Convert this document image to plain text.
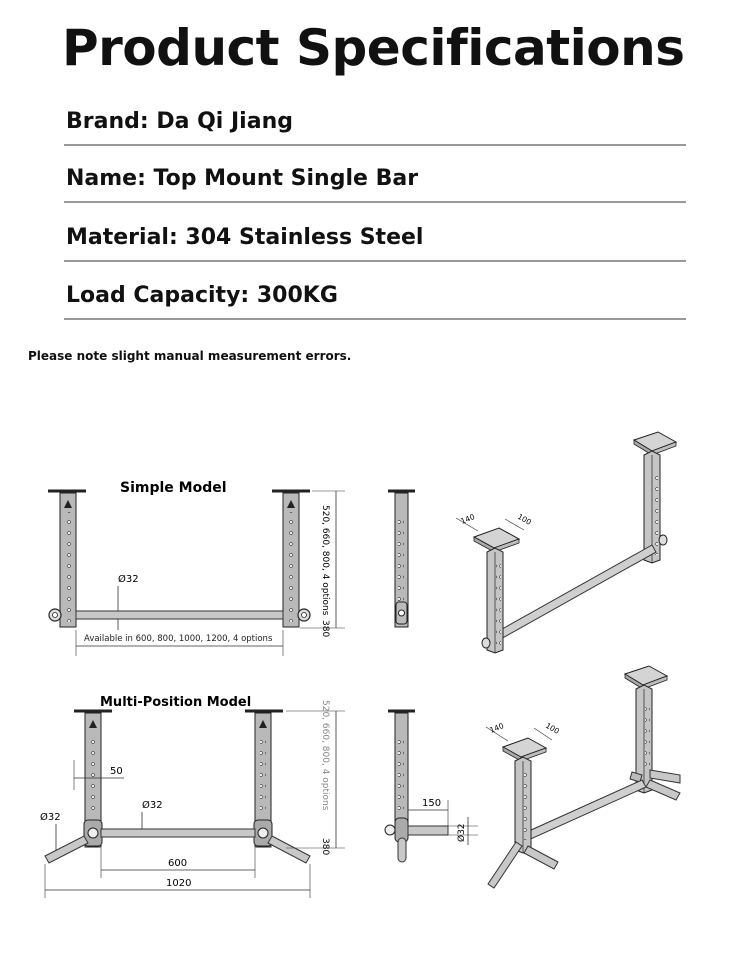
Product Specifications
Brand: Da Qi Jiang
Name: Top Mount Single Bar
Material: 304 Stainless Steel
Load Capacity: 300KG
Please note slight manual measurement errors.
Ø32
Available in 600, 800, 1000, 1200, 4 options
520, 660, 800, 4 options
380
Simple Model
140	100
Multi-Position Model
50
Ø32
Ø32
600
1020
520, 660, 800, 4 options
380
150
Ø32
140	100
